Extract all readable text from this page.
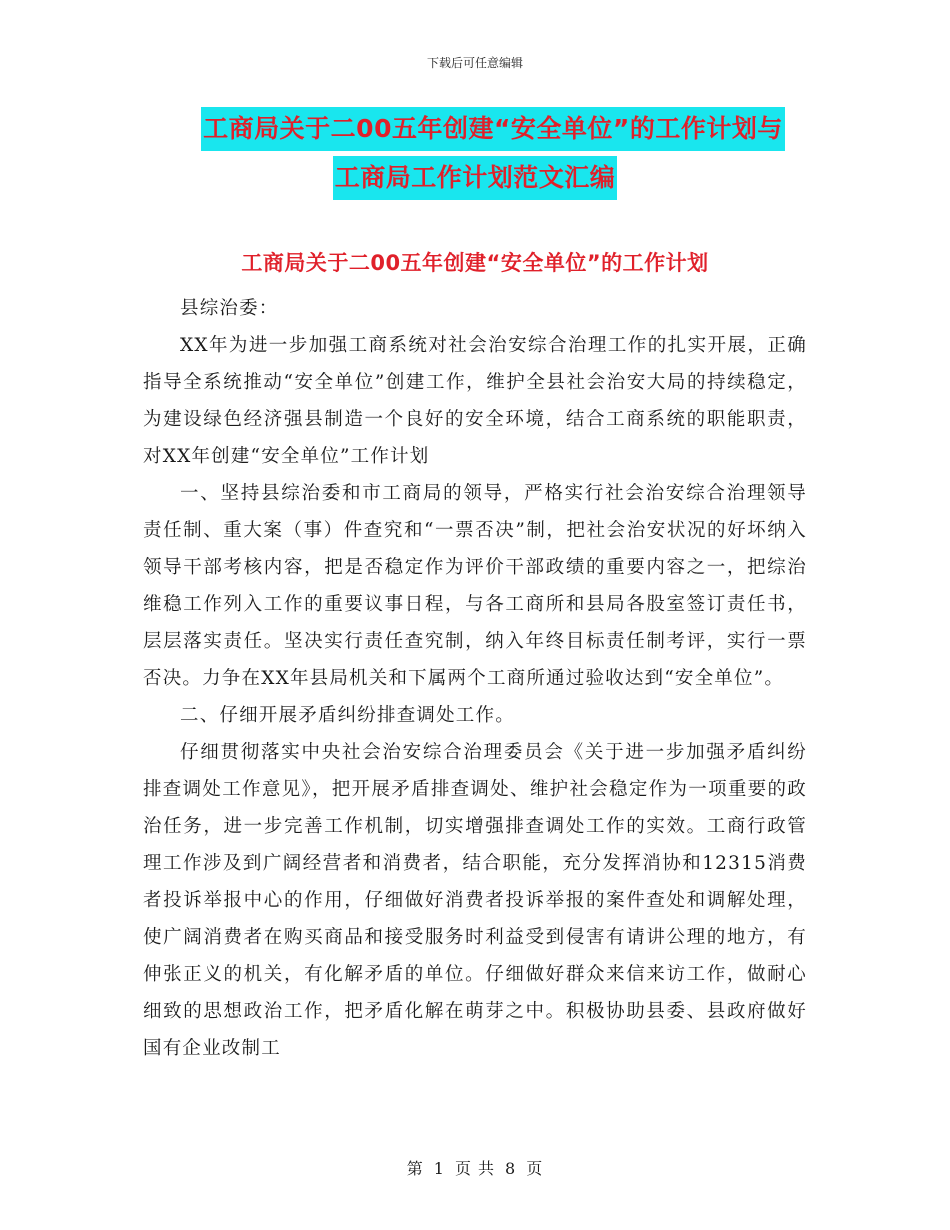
下载后可任意编辑
工商局关于二00五年创建“安全单位”的工作计划与
工商局工作计划范文汇编
工商局关于二00五年创建“安全单位”的工作计划

县综治委：

XX年为进一步加强工商系统对社会治安综合治理工作的扎实开展，正确指导全系统推动“安全单位”创建工作，维护全县社会治安大局的持续稳定，为建设绿色经济强县制造一个良好的安全环境，结合工商系统的职能职责，对XX年创建“安全单位”工作计划

一、坚持县综治委和市工商局的领导，严格实行社会治安综合治理领导责任制、重大案（事）件查究和“一票否决”制，把社会治安状况的好坏纳入领导干部考核内容，把是否稳定作为评价干部政绩的重要内容之一，把综治维稳工作列入工作的重要议事日程，与各工商所和县局各股室签订责任书，层层落实责任。坚决实行责任查究制，纳入年终目标责任制考评，实行一票否决。力争在XX年县局机关和下属两个工商所通过验收达到“安全单位”。

二、仔细开展矛盾纠纷排查调处工作。

仔细贯彻落实中央社会治安综合治理委员会《关于进一步加强矛盾纠纷排查调处工作意见》，把开展矛盾排查调处、维护社会稳定作为一项重要的政治任务，进一步完善工作机制，切实增强排查调处工作的实效。工商行政管理工作涉及到广阔经营者和消费者，结合职能，充分发挥消协和12315消费者投诉举报中心的作用，仔细做好消费者投诉举报的案件查处和调解处理，使广阔消费者在购买商品和接受服务时利益受到侵害有请讲公理的地方，有伸张正义的机关，有化解矛盾的单位。仔细做好群众来信来访工作，做耐心细致的思想政治工作，把矛盾化解在萌芽之中。积极协助县委、县政府做好国有企业改制工

第 1 页 共 8 页
